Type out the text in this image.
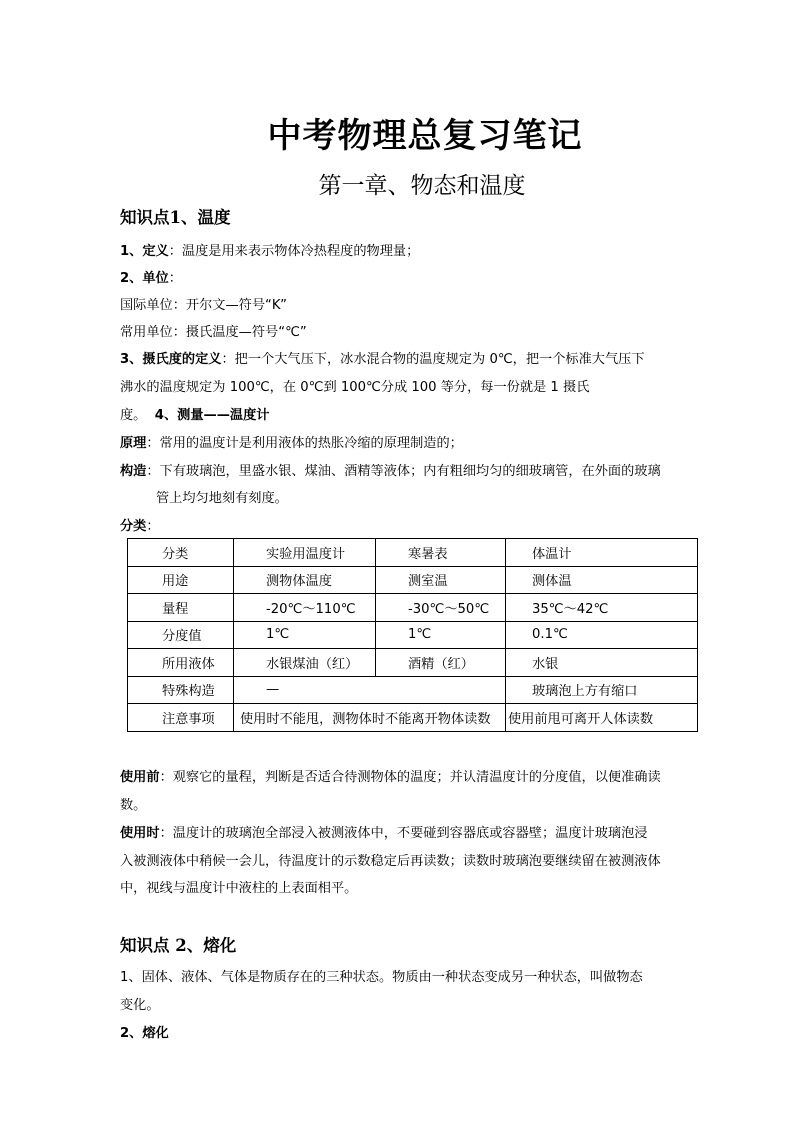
中考物理总复习笔记
第一章、物态和温度
知识点1、温度
1、定义：温度是用来表示物体冷热程度的物理量；
2、单位：
国际单位：开尔文—符号“K”
常用单位：摄氏温度—符号“℃”
3、摄氏度的定义：把一个大气压下，冰水混合物的温度规定为 0℃，把一个标准大气压下
沸水的温度规定为 100℃，在 0℃到 100℃分成 100 等分，每一份就是 1 摄氏
度。 4、测量——温度计
原理：常用的温度计是利用液体的热胀冷缩的原理制造的；
构造：下有玻璃泡，里盛水银、煤油、酒精等液体；内有粗细均匀的细玻璃管，在外面的玻璃
管上均匀地刻有刻度。
分类：
分类	实验用温度计	寒暑表	体温计
用途	测物体温度	测室温	测体温
量程	-20℃～110℃	-30℃～50℃	35℃～42℃
分度值	1℃	1℃	0.1℃
所用液体	水银煤油（红）	酒精（红）	水银
特殊构造	—		玻璃泡上方有缩口
注意事项	使用时不能甩，测物体时不能离开物体读数		使用前甩可离开人体读数
使用前：观察它的量程，判断是否适合待测物体的温度；并认清温度计的分度值，以便准确读
数。
使用时：温度计的玻璃泡全部浸入被测液体中，不要碰到容器底或容器壁；温度计玻璃泡浸
入被测液体中稍候一会儿，待温度计的示数稳定后再读数；读数时玻璃泡要继续留在被测液体
中，视线与温度计中液柱的上表面相平。
知识点 2、熔化
1、固体、液体、气体是物质存在的三种状态。物质由一种状态变成另一种状态，叫做物态
变化。
2、熔化
